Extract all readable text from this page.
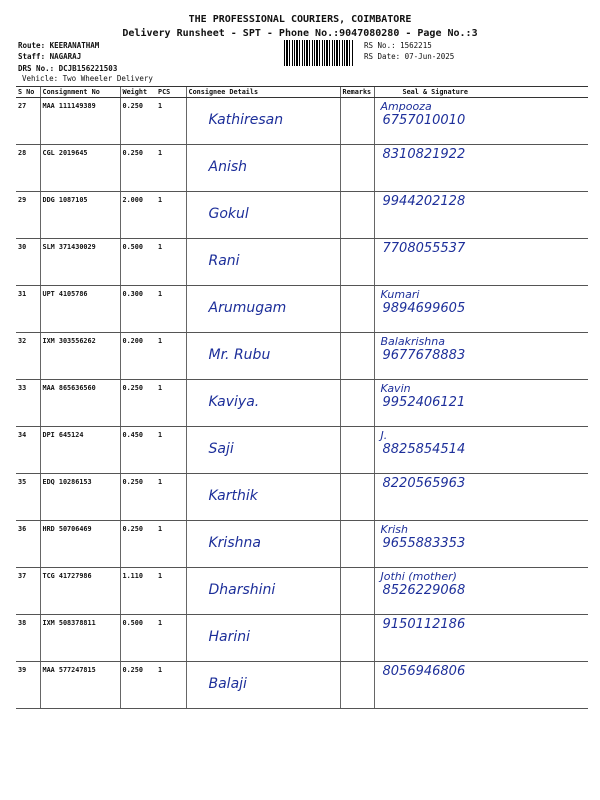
THE PROFESSIONAL COURIERS, COIMBATORE
Delivery Runsheet - SPT - Phone No.:9047080280 - Page No.:3
Route: KEERANATHAM
Staff: NAGARAJ
DRS No.: DCJB156221503
Vehicle: Two Wheeler Delivery
RS No.: 1562215
RS Date: 07-Jun-2025
S No	Consignment No	Weight	PCS	Consignee Details	Remarks	Seal & Signature
27	MAA 111149389	0.250	1	Kathiresan		Ampooza
6757010010

28	CGL 2019645	0.250	1	Anish		8310821922

29	DDG 1087105	2.000	1	Gokul		9944202128

30	SLM 371430029	0.500	1	Rani		7708055537

31	UPT 4105786	0.300	1	Arumugam		Kumari
9894699605

32	IXM 303556262	0.200	1	Mr. Rubu		Balakrishna
9677678883

33	MAA 865636560	0.250	1	Kaviya.		Kavin
9952406121

34	DPI 645124	0.450	1	Saji		J.
8825854514

35	EDQ 10286153	0.250	1	Karthik		8220565963

36	HRD 50706469	0.250	1	Krishna		Krish
9655883353

37	TCG 41727986	1.110	1	Dharshini		Jothi (mother)
8526229068

38	IXM 508378811	0.500	1	Harini		9150112186

39	MAA 577247815	0.250	1	Balaji		8056946806
